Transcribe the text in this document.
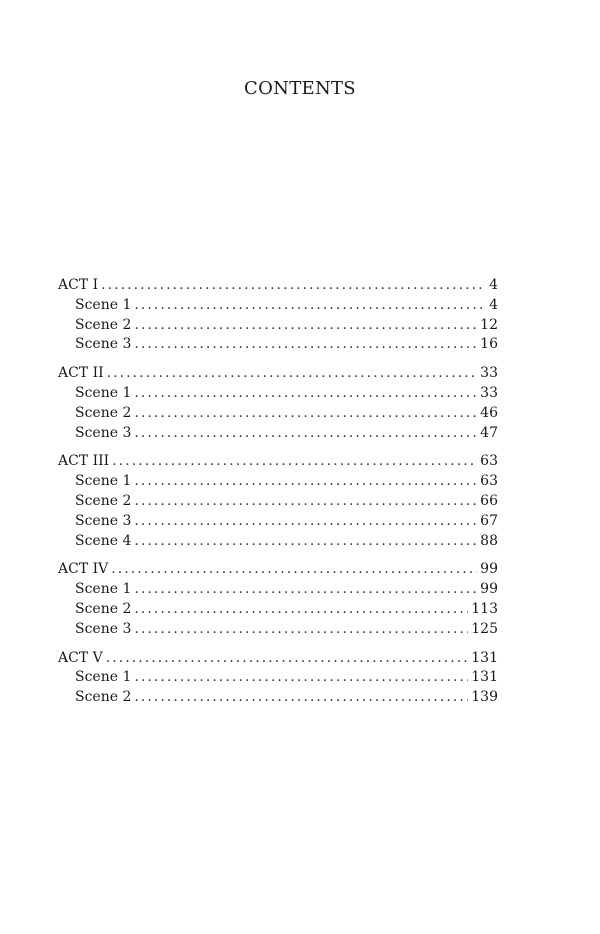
CONTENTS
ACT I . . .	4
Scene 1 . . .	4
Scene 2 . . .	12
Scene 3 . . .	16
ACT II . . .	33
Scene 1 . . .	33
Scene 2 . . .	46
Scene 3 . . .	47
ACT III . . .	63
Scene 1 . . .	63
Scene 2 . . .	66
Scene 3 . . .	67
Scene 4 . . .	88
ACT IV . . .	99
Scene 1 . . .	99
Scene 2 . . .	113
Scene 3 . . .	125
ACT V . . .	131
Scene 1 . . .	131
Scene 2 . . .	139
